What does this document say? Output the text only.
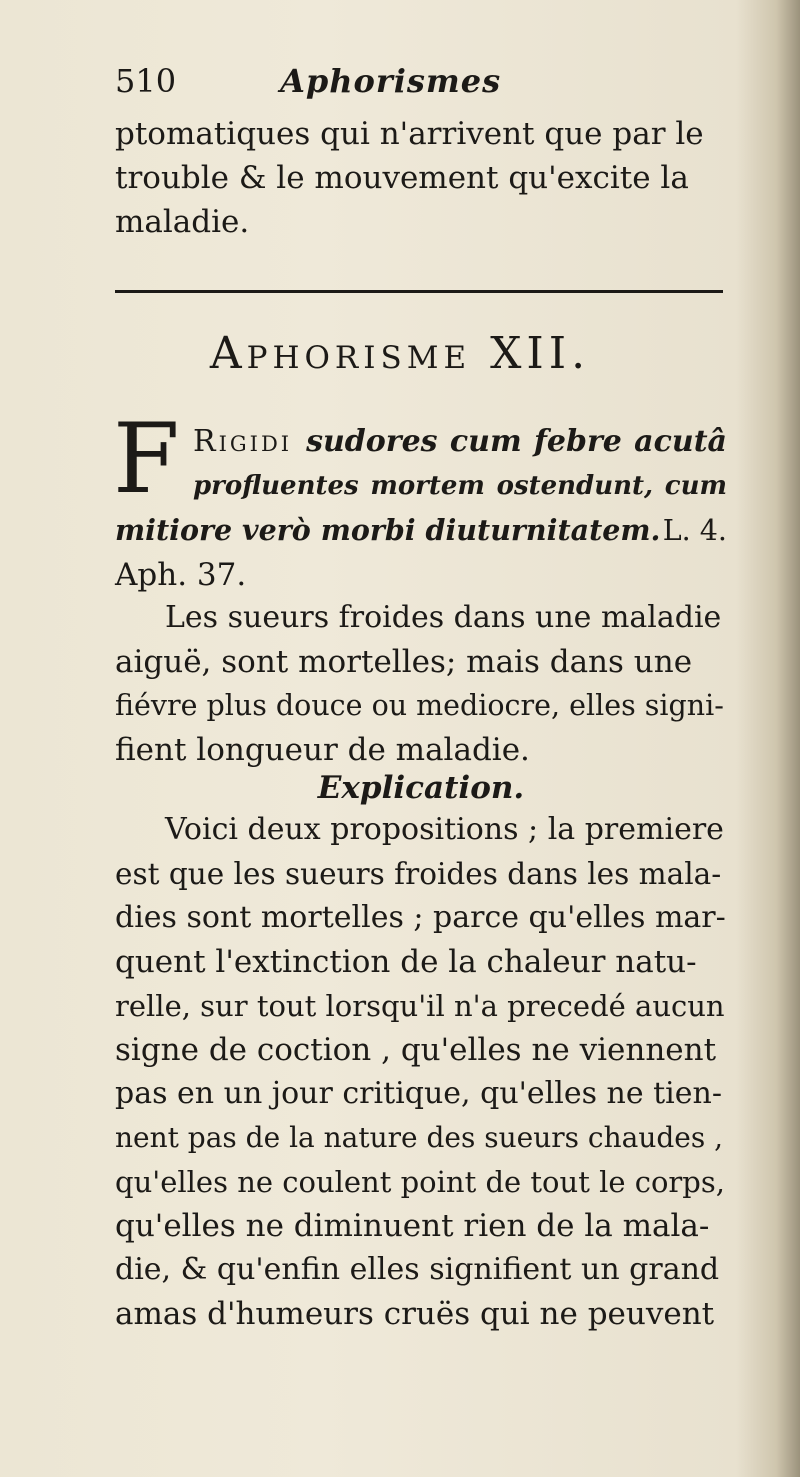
510	Aphorismes
ptomatiques qui n'arrivent que par le
trouble & le mouvement qu'excite la
maladie.
Aphorisme XII.
F Rigidi sudores cum febre acutâ
profluentes mortem ostendunt, cum
mitiore verò morbi diuturnitatem. L. 4.
Aph. 37.
Les sueurs froides dans une maladie
aiguë, sont mortelles; mais dans une
fiévre plus douce ou mediocre, elles signi-
fient longueur de maladie.
Explication.
Voici deux propositions ; la premiere
est que les sueurs froides dans les mala-
dies sont mortelles ; parce qu'elles mar-
quent l'extinction de la chaleur natu-
relle, sur tout lorsqu'il n'a precedé aucun
signe de coction , qu'elles ne viennent
pas en un jour critique, qu'elles ne tien-
nent pas de la nature des sueurs chaudes ,
qu'elles ne coulent point de tout le corps,
qu'elles ne diminuent rien de la mala-
die, & qu'enfin elles signifient un grand
amas d'humeurs cruës qui ne peuvent
